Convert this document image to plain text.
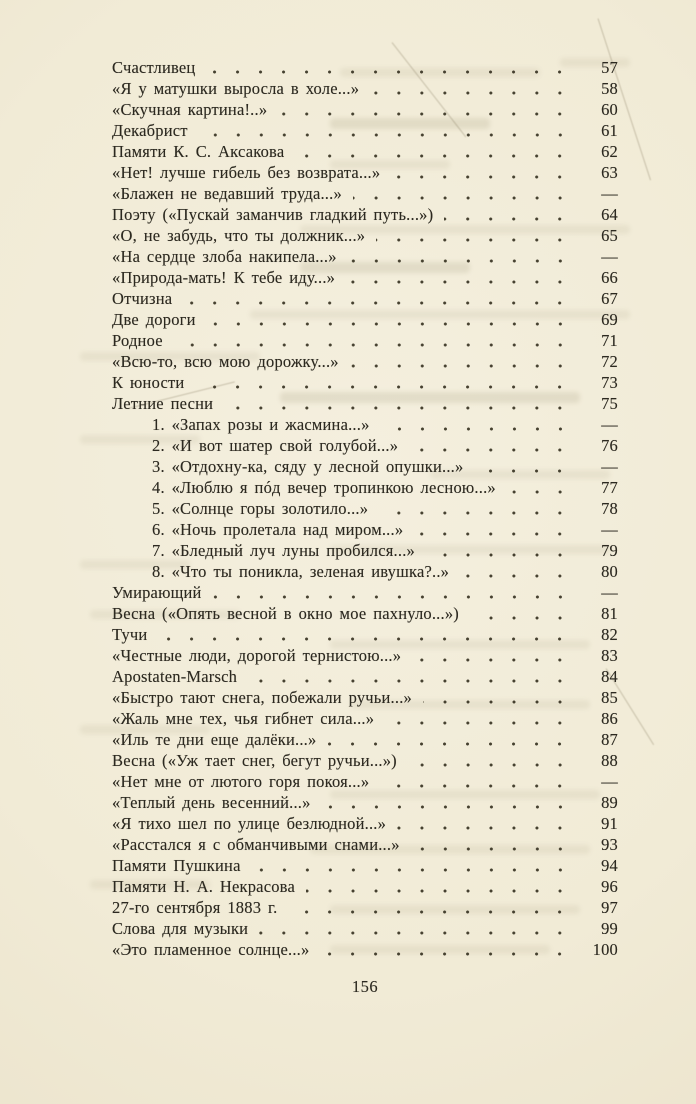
Счастливец	57
«Я у матушки выросла в холе...»	58
«Скучная картина!..»	60
Декабрист	61
Памяти К. С. Аксакова	62
«Нет! лучше гибель без возврата...»	63
«Блажен не ведавший труда...»	—
Поэту («Пускай заманчив гладкий путь...»)	64
«О, не забудь, что ты должник...»	65
«На сердце злоба накипела...»	—
«Природа-мать! К тебе иду...»	66
Отчизна	67
Две дороги	69
Родное	71
«Всю-то, всю мою дорожку...»	72
К юности	73
Летние песни	75
1. «Запах розы и жасмина...»	—
2. «И вот шатер свой голубой...»	76
3. «Отдохну-ка, сяду у лесной опушки...»	—
4. «Люблю я пóд вечер тропинкою лесною...»	77
5. «Солнце горы золотило...»	78
6. «Ночь пролетала над миром...»	—
7. «Бледный луч луны пробился...»	79
8. «Что ты поникла, зеленая ивушка?..»	80
Умирающий	—
Весна («Опять весной в окно мое пахнуло...»)	81
Тучи	82
«Честные люди, дорогой тернистою...»	83
Apostaten-Marsch	84
«Быстро тают снега, побежали ручьи...»	85
«Жаль мне тех, чья гибнет сила...»	86
«Иль те дни еще далёки...»	87
Весна («Уж тает снег, бегут ручьи...»)	88
«Нет мне от лютого горя покоя...»	—
«Теплый день весенний...»	89
«Я тихо шел по улице безлюдной...»	91
«Расстался я с обманчивыми снами...»	93
Памяти Пушкина	94
Памяти Н. А. Некрасова	96
27-го сентября 1883 г.	97
Слова для музыки	99
«Это пламенное солнце...»	100
156
